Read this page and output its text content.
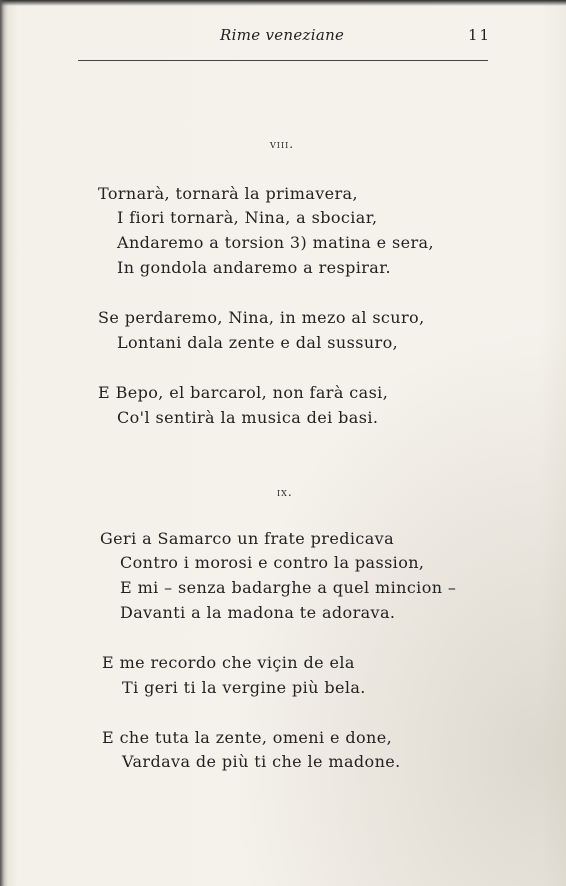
Rime veneziane	11
viii.
Tornarà, tornarà la primavera,
I fiori tornarà, Nina, a sbociar,
Andaremo a torsion 3) matina e sera,
In gondola andaremo a respirar.
Se perdaremo, Nina, in mezo al scuro,
Lontani dala zente e dal sussuro,
E Bepo, el barcarol, non farà casi,
Co'l sentirà la musica dei basi.
ix.
Geri a Samarco un frate predicava
Contro i morosi e contro la passion,
E mi – senza badarghe a quel mincion –
Davanti a la madona te adorava.
E me recordo che viçin de ela
Ti geri ti la vergine più bela.
E che tuta la zente, omeni e done,
Vardava de più ti che le madone.
